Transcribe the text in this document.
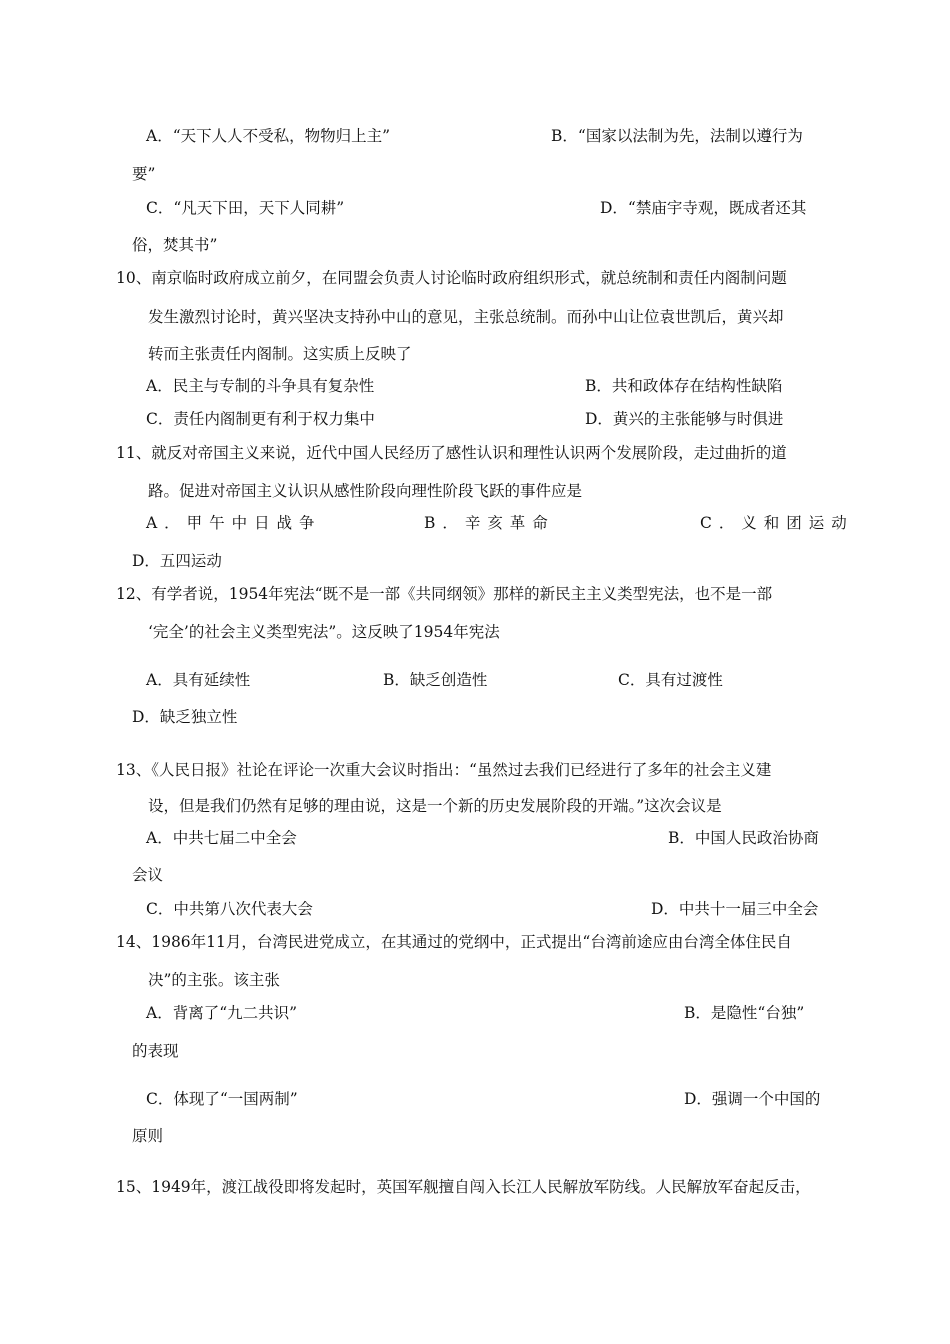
A．“天下人人不受私，物物归上主”	B．“国家以法制为先，法制以遵行为
要”
C．“凡天下田，天下人同耕”	D．“禁庙宇寺观，既成者还其
俗，焚其书”
10、南京临时政府成立前夕，在同盟会负责人讨论临时政府组织形式，就总统制和责任内阁制问题
发生激烈讨论时，黄兴坚决支持孙中山的意见，主张总统制。而孙中山让位袁世凯后，黄兴却
转而主张责任内阁制。这实质上反映了
A．民主与专制的斗争具有复杂性	B．共和政体存在结构性缺陷
C．责任内阁制更有利于权力集中	D．黄兴的主张能够与时俱进
11、就反对帝国主义来说，近代中国人民经历了感性认识和理性认识两个发展阶段，走过曲折的道
路。促进对帝国主义认识从感性阶段向理性阶段飞跃的事件应是
A．甲午中日战争	B．辛亥革命	C．义和团运动
D．五四运动
12、有学者说，1954年宪法“既不是一部《共同纲领》那样的新民主主义类型宪法，也不是一部
‘完全’的社会主义类型宪法”。这反映了1954年宪法
A．具有延续性	B．缺乏创造性	C．具有过渡性
D．缺乏独立性
13、《人民日报》社论在评论一次重大会议时指出：“虽然过去我们已经进行了多年的社会主义建
设，但是我们仍然有足够的理由说，这是一个新的历史发展阶段的开端。”这次会议是
A．中共七届二中全会	B．中国人民政治协商
会议
C．中共第八次代表大会	D．中共十一届三中全会
14、1986年11月，台湾民进党成立，在其通过的党纲中，正式提出“台湾前途应由台湾全体住民自
决”的主张。该主张
A．背离了“九二共识”	B．是隐性“台独”
的表现
C．体现了“一国两制”	D．强调一个中国的
原则
15、1949年，渡江战役即将发起时，英国军舰擅自闯入长江人民解放军防线。人民解放军奋起反击，
